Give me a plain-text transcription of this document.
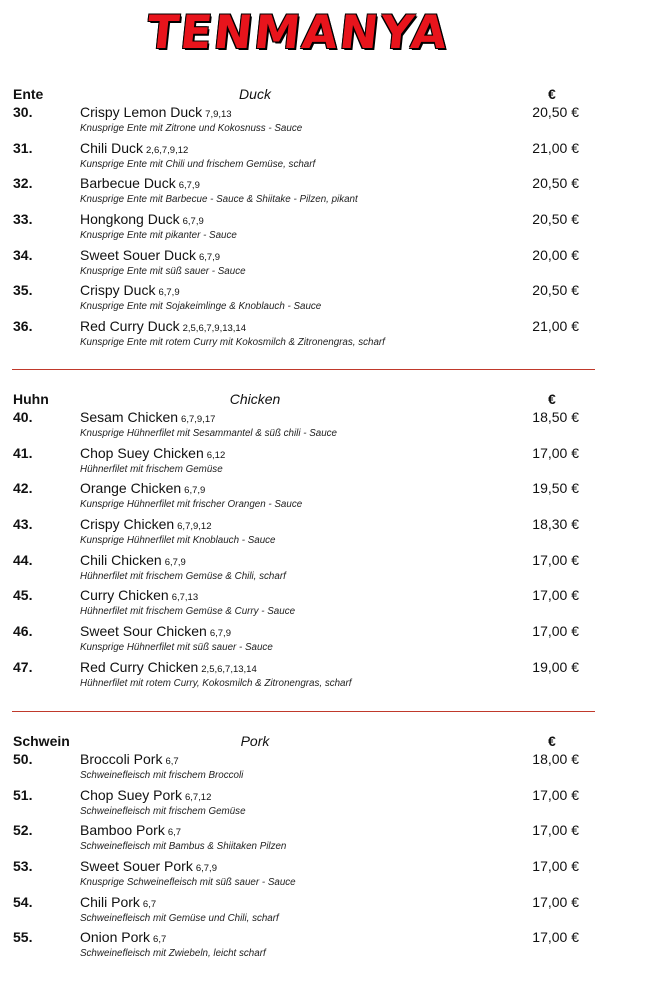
TENMANYA
Ente	Duck	€
30.	Crispy Lemon Duck 7,9,13
Knusprige Ente mit Zitrone und Kokosnuss - Sauce
20,50 €
31.	Chili Duck 2,6,7,9,12
Kunsprige Ente mit Chili und frischem Gemüse, scharf
21,00 €
32.	Barbecue Duck 6,7,9
Knusprige Ente mit Barbecue - Sauce & Shiitake - Pilzen, pikant
20,50 €
33.	Hongkong Duck 6,7,9
Knusprige Ente mit pikanter - Sauce
20,50 €
34.	Sweet Souer Duck 6,7,9
Knusprige Ente mit süß sauer - Sauce
20,00 €
35.	Crispy Duck 6,7,9
Knusprige Ente mit Sojakeimlinge & Knoblauch - Sauce
20,50 €
36.	Red Curry Duck 2,5,6,7,9,13,14
Kunsprige Ente mit rotem Curry mit Kokosmilch & Zitronengras, scharf
21,00 €
Huhn	Chicken	€
40.	Sesam Chicken 6,7,9,17
Knusprige Hühnerfilet mit Sesammantel & süß chili - Sauce
18,50 €
41.	Chop Suey Chicken 6,12
Hühnerfilet mit frischem Gemüse
17,00 €
42.	Orange Chicken 6,7,9
Kunsprige Hühnerfilet mit frischer Orangen - Sauce
19,50 €
43.	Crispy Chicken 6,7,9,12
Kunsprige Hühnerfilet mit Knoblauch - Sauce
18,30 €
44.	Chili Chicken 6,7,9
Hühnerfilet mit frischem Gemüse & Chili, scharf
17,00 €
45.	Curry Chicken 6,7,13
Hühnerfilet mit frischem Gemüse & Curry - Sauce
17,00 €
46.	Sweet Sour Chicken 6,7,9
Kunsprige Hühnerfilet mit süß sauer - Sauce
17,00 €
47.	Red Curry Chicken 2,5,6,7,13,14
Hühnerfilet mit rotem Curry, Kokosmilch & Zitronengras, scharf
19,00 €
Schwein	Pork	€
50.	Broccoli Pork 6,7
Schweinefleisch mit frischem Broccoli
18,00 €
51.	Chop Suey Pork 6,7,12
Schweinefleisch mit frischem Gemüse
17,00 €
52.	Bamboo Pork 6,7
Schweinefleisch mit Bambus & Shiitaken Pilzen
17,00 €
53.	Sweet Souer Pork 6,7,9
Knusprige Schweinefleisch mit süß sauer - Sauce
17,00 €
54.	Chili Pork 6,7
Schweinefleisch mit Gemüse und Chili, scharf
17,00 €
55.	Onion Pork 6,7
Schweinefleisch mit Zwiebeln, leicht scharf
17,00 €
